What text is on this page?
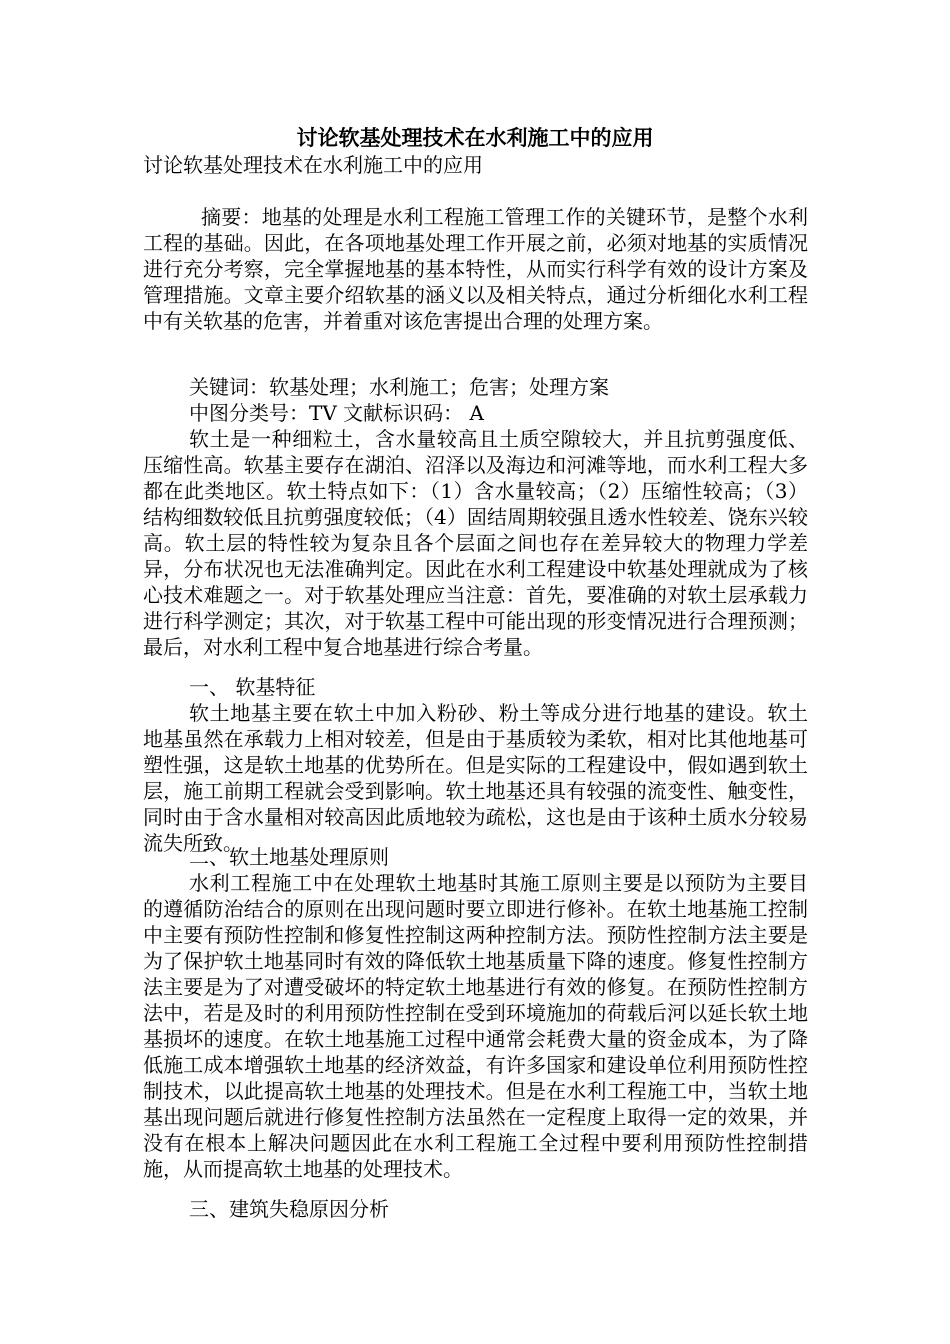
讨论软基处理技术在水利施工中的应用
讨论软基处理技术在水利施工中的应用

摘要：地基的处理是水利工程施工管理工作的关键环节，是整个水利工程的基础。因此，在各项地基处理工作开展之前，必须对地基的实质情况进行充分考察，完全掌握地基的基本特性，从而实行科学有效的设计方案及管理措施。文章主要介绍软基的涵义以及相关特点，通过分析细化水利工程中有关软基的危害，并着重对该危害提出合理的处理方案。

关键词：软基处理；水利施工；危害；处理方案

中图分类号：TV 文献标识码： A

软土是一种细粒土，含水量较高且土质空隙较大，并且抗剪强度低、压缩性高。软基主要存在湖泊、沼泽以及海边和河滩等地，而水利工程大多都在此类地区。软土特点如下：（1）含水量较高；（2）压缩性较高；（3）结构细数较低且抗剪强度较低；（4）固结周期较强且透水性较差、饶东兴较高。软土层的特性较为复杂且各个层面之间也存在差异较大的物理力学差异，分布状况也无法准确判定。因此在水利工程建设中软基处理就成为了核心技术难题之一。对于软基处理应当注意：首先，要准确的对软土层承载力进行科学测定；其次，对于软基工程中可能出现的形变情况进行合理预测；最后，对水利工程中复合地基进行综合考量。

一、 软基特征

软土地基主要在软土中加入粉砂、粉土等成分进行地基的建设。软土地基虽然在承载力上相对较差，但是由于基质较为柔软，相对比其他地基可塑性强，这是软土地基的优势所在。但是实际的工程建设中，假如遇到软土层，施工前期工程就会受到影响。软土地基还具有较强的流变性、触变性，同时由于含水量相对较高因此质地较为疏松，这也是由于该种土质水分较易流失所致。

二、软土地基处理原则

水利工程施工中在处理软土地基时其施工原则主要是以预防为主要目的遵循防治结合的原则在出现问题时要立即进行修补。在软土地基施工控制中主要有预防性控制和修复性控制这两种控制方法。预防性控制方法主要是为了保护软土地基同时有效的降低软土地基质量下降的速度。修复性控制方法主要是为了对遭受破坏的特定软土地基进行有效的修复。在预防性控制方法中，若是及时的利用预防性控制在受到环境施加的荷载后河以延长软土地基损坏的速度。在软土地基施工过程中通常会耗费大量的资金成本，为了降低施工成本增强软土地基的经济效益，有许多国家和建设单位利用预防性控制技术，以此提高软土地基的处理技术。但是在水利工程施工中，当软土地基出现问题后就进行修复性控制方法虽然在一定程度上取得一定的效果，并没有在根本上解决问题因此在水利工程施工全过程中要利用预防性控制措施，从而提高软土地基的处理技术。

三、建筑失稳原因分析
